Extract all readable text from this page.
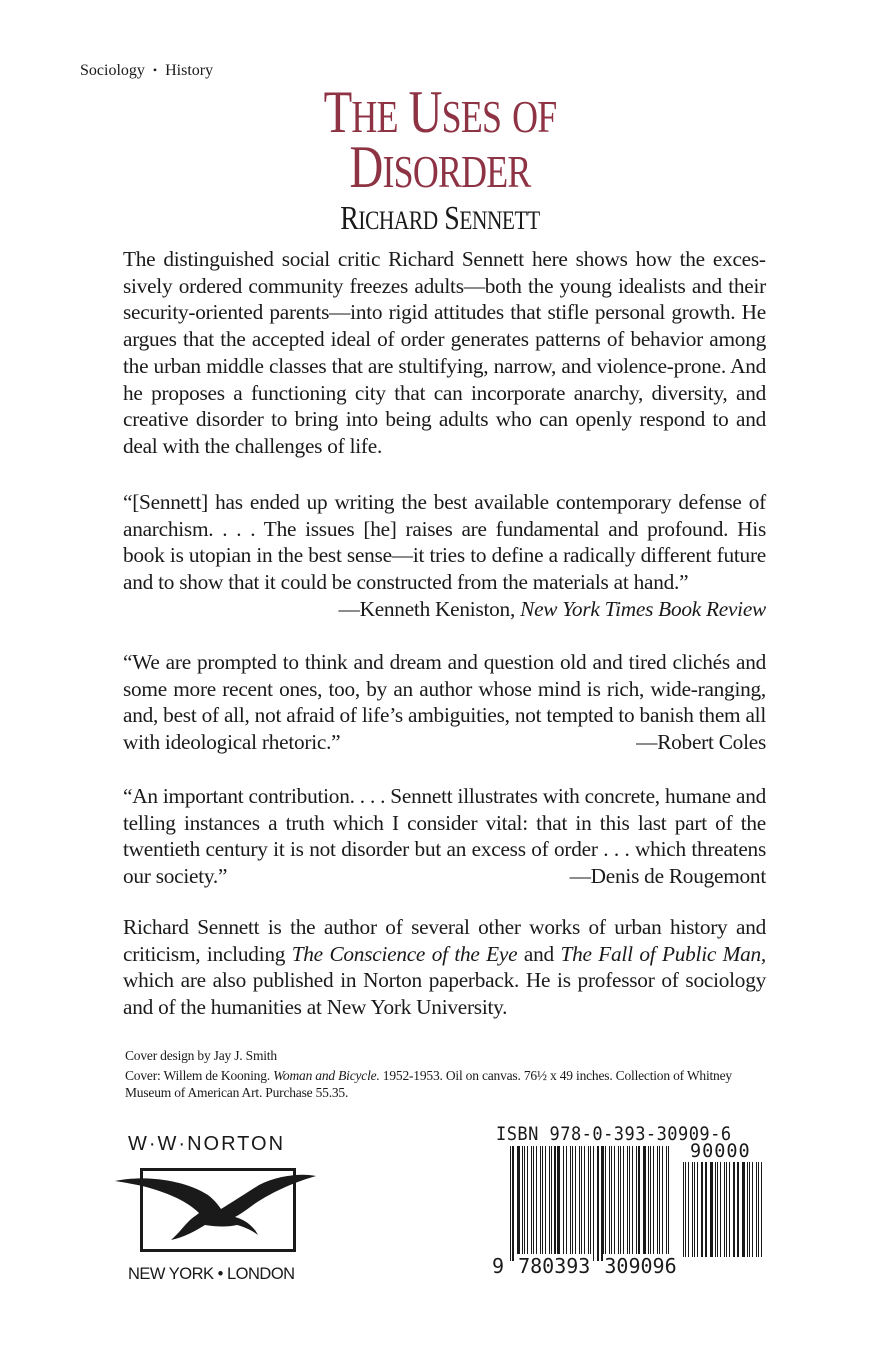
Sociology • History
THE USES OF
DISORDER
RICHARD SENNETT
The distinguished social critic Richard Sennett here shows how the excessively ordered community freezes adults—both the young idealists and their security-oriented parents—into rigid attitudes that stifle personal growth. He argues that the accepted ideal of order generates patterns of behavior among the urban middle classes that are stultifying, narrow, and violence-prone. And he proposes a functioning city that can incorporate anarchy, diversity, and creative disorder to bring into being adults who can openly respond to and deal with the challenges of life.
“[Sennett] has ended up writing the best available contemporary defense of anarchism. . . . The issues [he] raises are fundamental and profound. His book is utopian in the best sense—it tries to define a radically different future and to show that it could be constructed from the materials at hand.”
—Kenneth Keniston, New York Times Book Review
“We are prompted to think and dream and question old and tired clichés and some more recent ones, too, by an author whose mind is rich, wide-ranging, and, best of all, not afraid of life’s ambiguities, not tempted to banish them all with ideological rhetoric.”	—Robert Coles
“An important contribution. . . . Sennett illustrates with concrete, humane and telling instances a truth which I consider vital: that in this last part of the twentieth century it is not disorder but an excess of order . . . which threatens our society.”	—Denis de Rougemont
Richard Sennett is the author of several other works of urban history and criticism, including The Conscience of the Eye and The Fall of Public Man, which are also published in Norton paperback. He is professor of sociology and of the humanities at New York University.
Cover design by Jay J. Smith
Cover: Willem de Kooning. Woman and Bicycle. 1952-1953. Oil on canvas. 76½ x 49 inches. Collection of Whitney Museum of American Art. Purchase 55.35.
W·W·NORTON
NEW YORK • LONDON
ISBN 978-0-393-30909-6
90000
9 780393 309096
